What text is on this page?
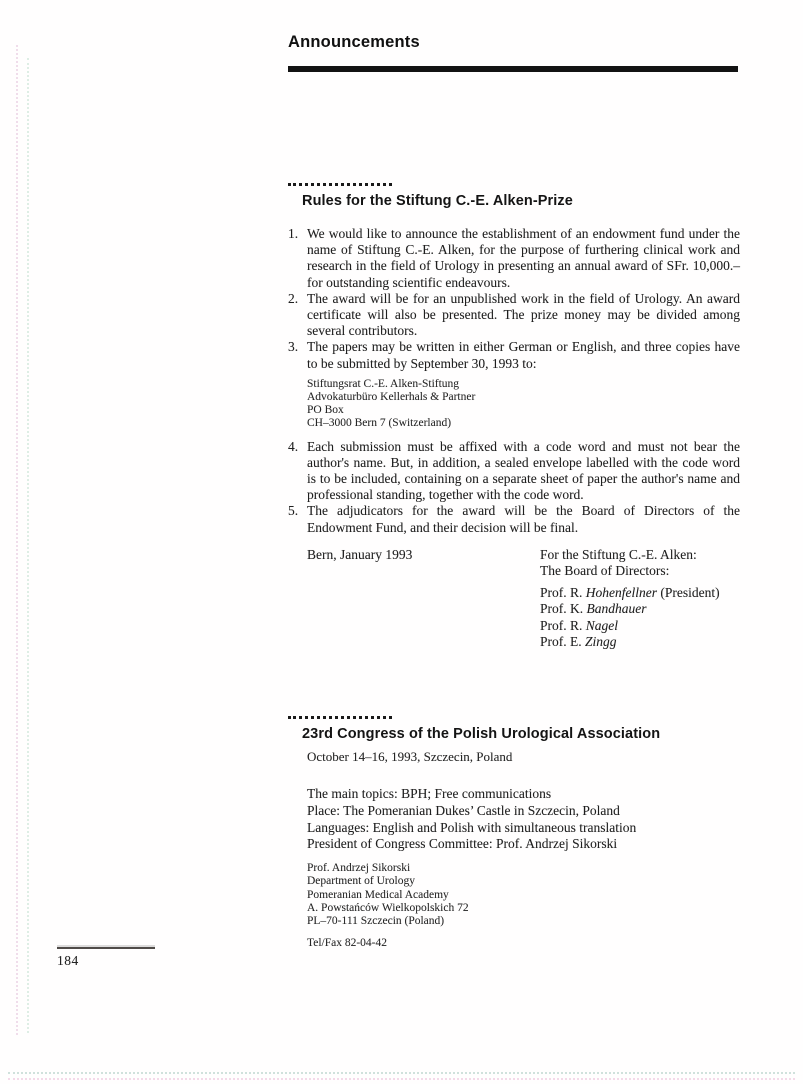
Announcements
Rules for the Stiftung C.-E. Alken-Prize
1. We would like to announce the establishment of an endowment fund under the name of Stiftung C.-E. Alken, for the purpose of furthering clinical work and research in the field of Urology in presenting an annual award of SFr. 10,000.– for outstanding scientific endeavours.
2. The award will be for an unpublished work in the field of Urology. An award certificate will also be presented. The prize money may be divided among several contributors.
3. The papers may be written in either German or English, and three copies have to be submitted by September 30, 1993 to:
Stiftungsrat C.-E. Alken-Stiftung
Advokaturbüro Kellerhals & Partner
PO Box
CH–3000 Bern 7 (Switzerland)
4. Each submission must be affixed with a code word and must not bear the author's name. But, in addition, a sealed envelope labelled with the code word is to be included, containing on a separate sheet of paper the author's name and professional standing, together with the code word.
5. The adjudicators for the award will be the Board of Directors of the Endowment Fund, and their decision will be final.
Bern, January 1993	For the Stiftung C.-E. Alken:
The Board of Directors:
Prof. R. Hohenfellner (President)
Prof. K. Bandhauer
Prof. R. Nagel
Prof. E. Zingg
23rd Congress of the Polish Urological Association
October 14–16, 1993, Szczecin, Poland
The main topics: BPH; Free communications
Place: The Pomeranian Dukes’ Castle in Szczecin, Poland
Languages: English and Polish with simultaneous translation
President of Congress Committee: Prof. Andrzej Sikorski
Prof. Andrzej Sikorski
Department of Urology
Pomeranian Medical Academy
A. Powstańców Wielkopolskich 72
PL–70-111 Szczecin (Poland)
Tel/Fax 82-04-42
184
